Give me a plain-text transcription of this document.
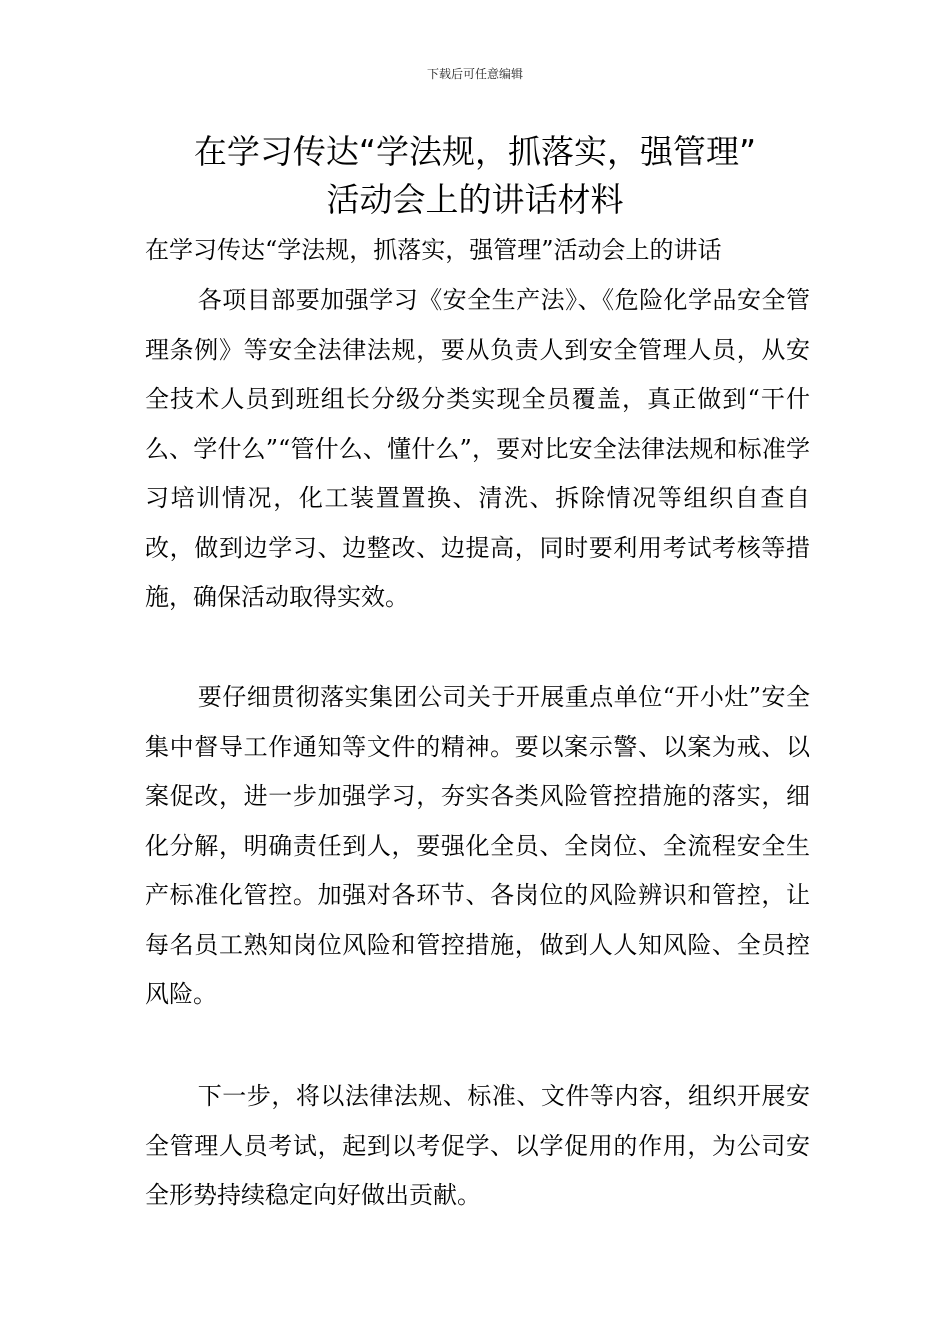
下载后可任意编辑
在学习传达“学法规，抓落实，强管理”
活动会上的讲话材料
在学习传达“学法规，抓落实，强管理”活动会上的讲话

各项目部要加强学习《安全生产法》、《危险化学品安全管理条例》等安全法律法规，要从负责人到安全管理人员，从安全技术人员到班组长分级分类实现全员覆盖，真正做到“干什么、学什么”“管什么、懂什么”，要对比安全法律法规和标准学习培训情况，化工装置置换、清洗、拆除情况等组织自查自改，做到边学习、边整改、边提高，同时要利用考试考核等措施，确保活动取得实效。

要仔细贯彻落实集团公司关于开展重点单位“开小灶”安全集中督导工作通知等文件的精神。要以案示警、以案为戒、以案促改，进一步加强学习，夯实各类风险管控措施的落实，细化分解，明确责任到人，要强化全员、全岗位、全流程安全生产标准化管控。加强对各环节、各岗位的风险辨识和管控，让每名员工熟知岗位风险和管控措施，做到人人知风险、全员控风险。

下一步，将以法律法规、标准、文件等内容，组织开展安全管理人员考试，起到以考促学、以学促用的作用，为公司安全形势持续稳定向好做出贡献。
